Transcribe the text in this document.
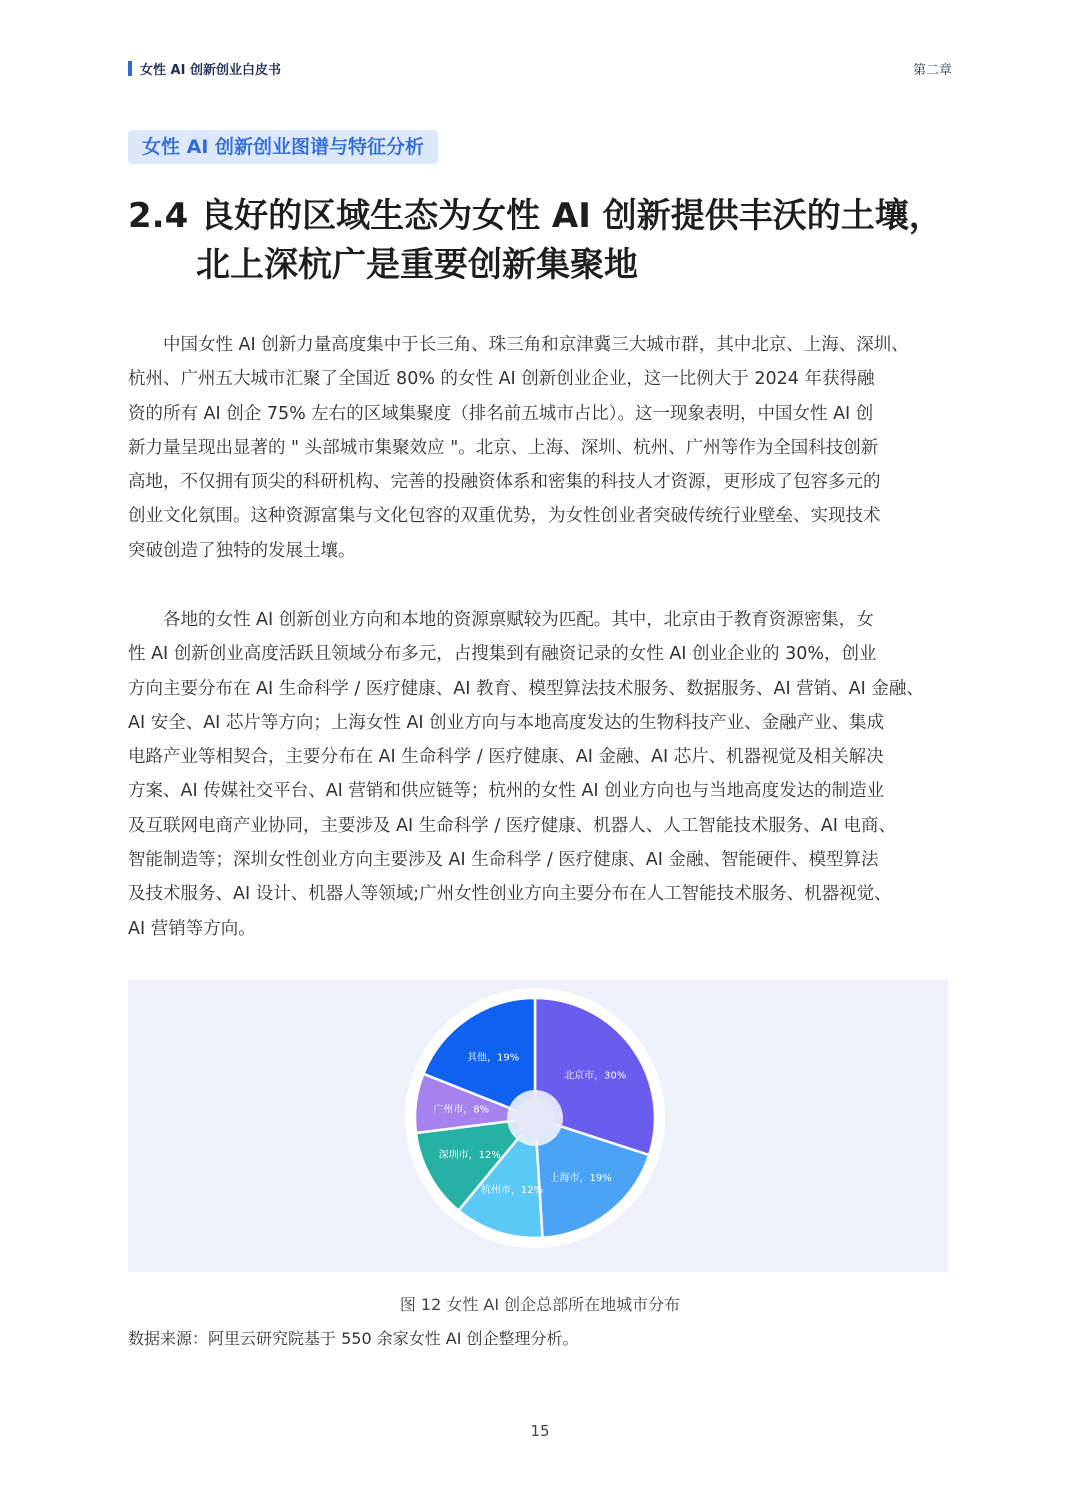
女性 AI 创新创业白皮书	第二章
女性 AI 创新创业图谱与特征分析
2.4 良好的区域生态为女性 AI 创新提供丰沃的土壤，
北上深杭广是重要创新集聚地
　　中国女性 AI 创新力量高度集中于长三角、珠三角和京津冀三大城市群，其中北京、上海、深圳、
杭州、广州五大城市汇聚了全国近 80% 的女性 AI 创新创业企业，这一比例大于 2024 年获得融
资的所有 AI 创企 75% 左右的区域集聚度（排名前五城市占比）。这一现象表明，中国女性 AI 创
新力量呈现出显著的 " 头部城市集聚效应 "。北京、上海、深圳、杭州、广州等作为全国科技创新
高地，不仅拥有顶尖的科研机构、完善的投融资体系和密集的科技人才资源，更形成了包容多元的
创业文化氛围。这种资源富集与文化包容的双重优势，为女性创业者突破传统行业壁垒、实现技术
突破创造了独特的发展土壤。
　　各地的女性 AI 创新创业方向和本地的资源禀赋较为匹配。其中，北京由于教育资源密集，女
性 AI 创新创业高度活跃且领域分布多元，占搜集到有融资记录的女性 AI 创业企业的 30%，创业
方向主要分布在 AI 生命科学 / 医疗健康、AI 教育、模型算法技术服务、数据服务、AI 营销、AI 金融、
AI 安全、AI 芯片等方向；上海女性 AI 创业方向与本地高度发达的生物科技产业、金融产业、集成
电路产业等相契合，主要分布在 AI 生命科学 / 医疗健康、AI 金融、AI 芯片、机器视觉及相关解决
方案、AI 传媒社交平台、AI 营销和供应链等；杭州的女性 AI 创业方向也与当地高度发达的制造业
及互联网电商产业协同，主要涉及 AI 生命科学 / 医疗健康、机器人、人工智能技术服务、AI 电商、
智能制造等；深圳女性创业方向主要涉及 AI 生命科学 / 医疗健康、AI 金融、智能硬件、模型算法
及技术服务、AI 设计、机器人等领域;广州女性创业方向主要分布在人工智能技术服务、机器视觉、
AI 营销等方向。
北京市，30%
上海市，19%
杭州市，12%
深圳市，12%
广州市，8%
其他，19%
图 12 女性 AI 创企总部所在地城市分布
数据来源：阿里云研究院基于 550 余家女性 AI 创企整理分析。
15
